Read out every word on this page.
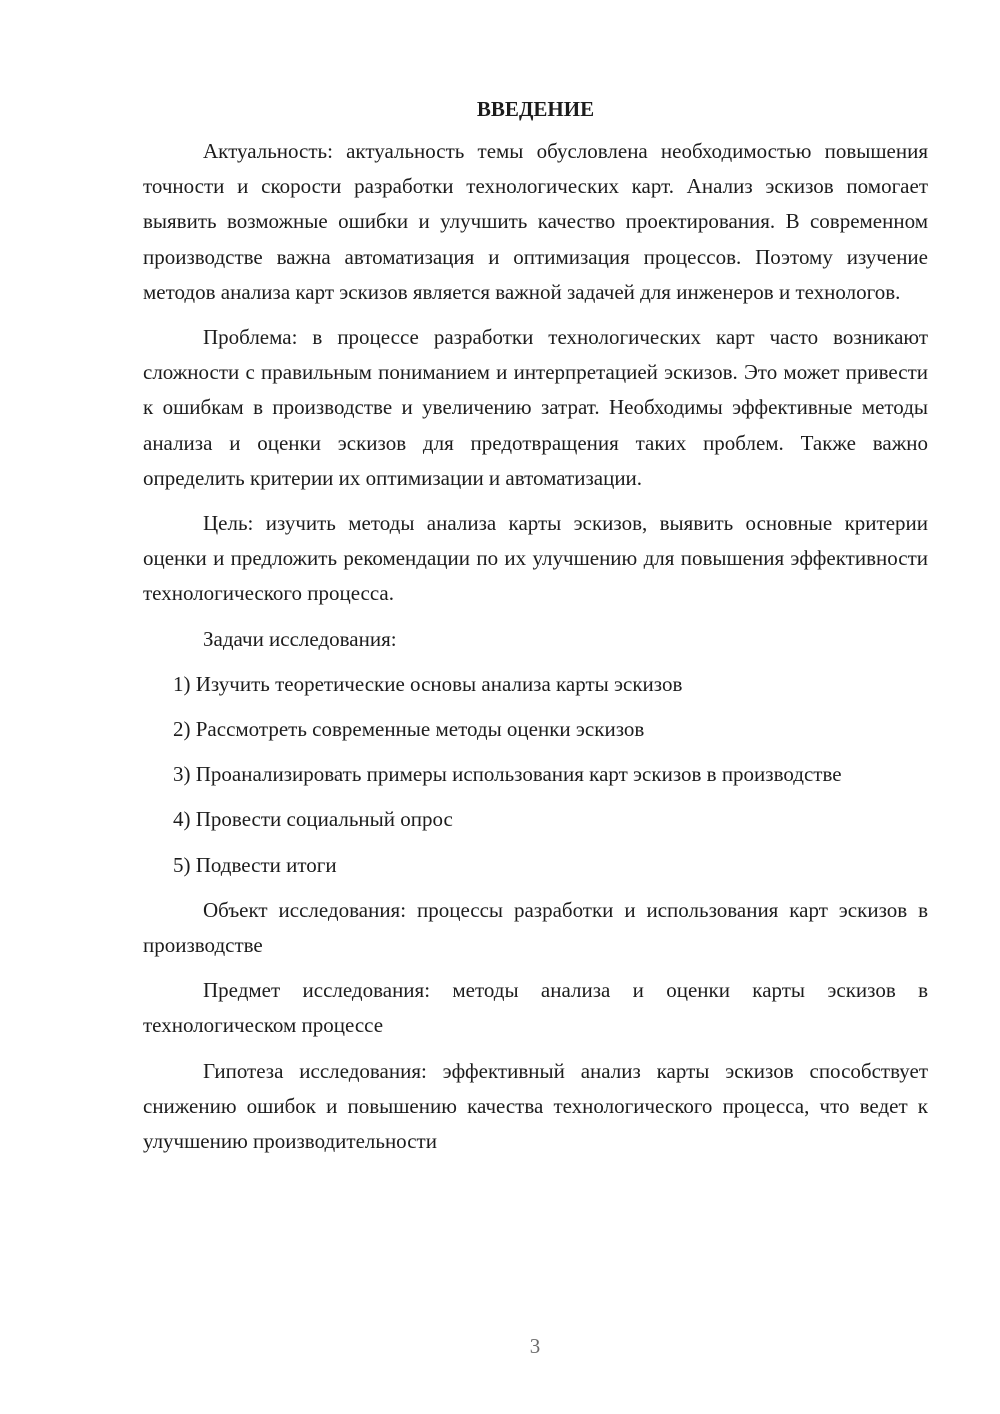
ВВЕДЕНИЕ

Актуальность: актуальность темы обусловлена необходимостью повышения точности и скорости разработки технологических карт. Анализ эскизов помогает выявить возможные ошибки и улучшить качество проектирования. В современном производстве важна автоматизация и оптимизация процессов. Поэтому изучение методов анализа карт эскизов является важной задачей для инженеров и технологов.

Проблема: в процессе разработки технологических карт часто возникают сложности с правильным пониманием и интерпретацией эскизов. Это может привести к ошибкам в производстве и увеличению затрат. Необходимы эффективные методы анализа и оценки эскизов для предотвращения таких проблем. Также важно определить критерии их оптимизации и автоматизации.

Цель: изучить методы анализа карты эскизов, выявить основные критерии оценки и предложить рекомендации по их улучшению для повышения эффективности технологического процесса.

Задачи исследования:

1) Изучить теоретические основы анализа карты эскизов

2) Рассмотреть современные методы оценки эскизов

3) Проанализировать примеры использования карт эскизов в производстве

4) Провести социальный опрос

5) Подвести итоги

Объект исследования: процессы разработки и использования карт эскизов в производстве

Предмет исследования: методы анализа и оценки карты эскизов в технологическом процессе

Гипотеза исследования: эффективный анализ карты эскизов способствует снижению ошибок и повышению качества технологического процесса, что ведет к улучшению производительности

3
